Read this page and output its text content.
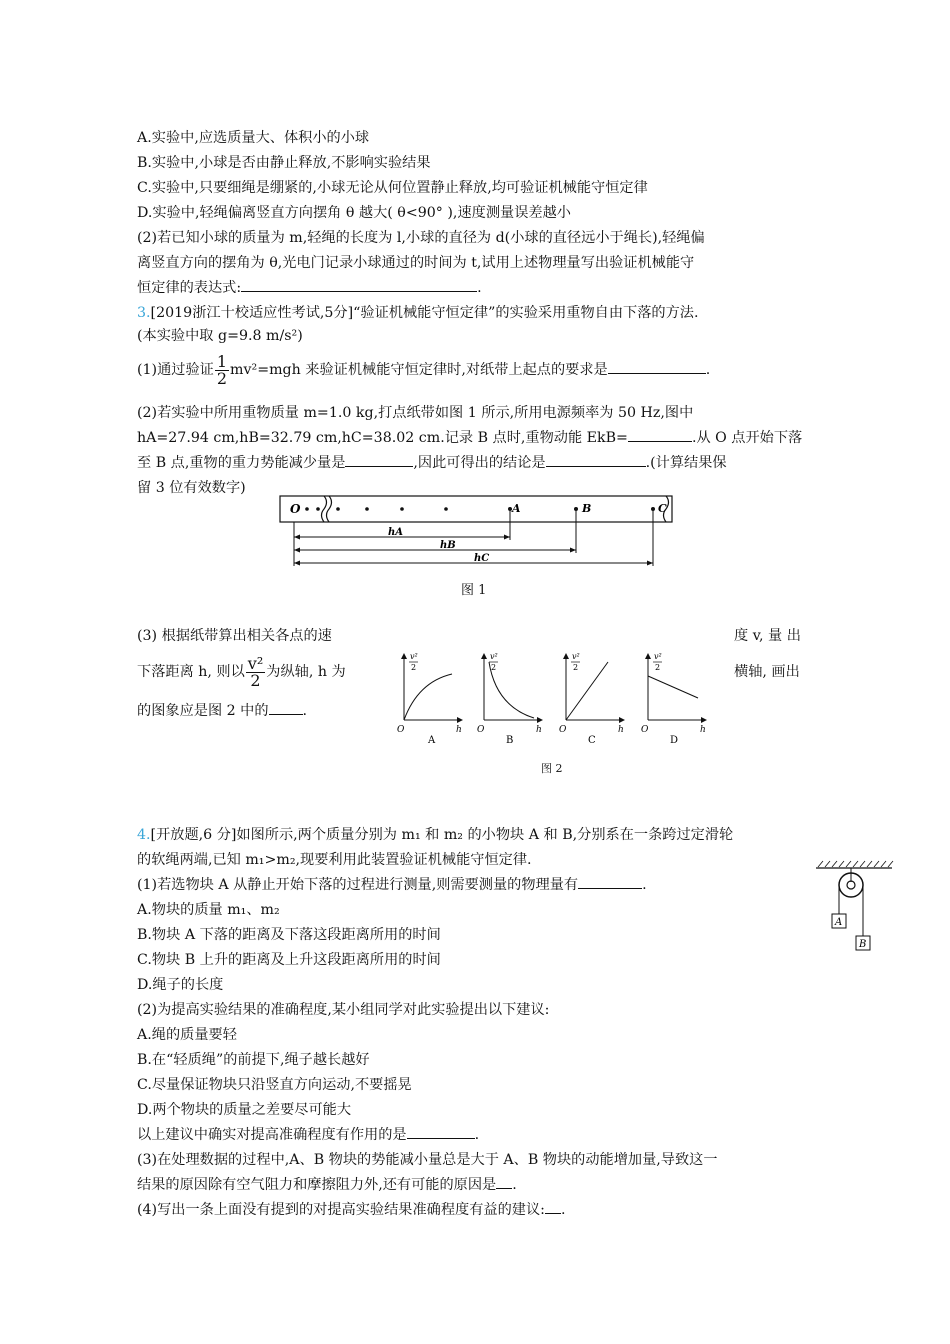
A.实验中,应选质量大、体积小的小球
B.实验中,小球是否由静止释放,不影响实验结果
C.实验中,只要细绳是绷紧的,小球无论从何位置静止释放,均可验证机械能守恒定律
D.实验中,轻绳偏离竖直方向摆角 θ 越大( θ<90° ),速度测量误差越小
(2)若已知小球的质量为 m,轻绳的长度为 l,小球的直径为 d(小球的直径远小于绳长),轻绳偏
离竖直方向的摆角为 θ,光电门记录小球通过的时间为 t,试用上述物理量写出验证机械能守
恒定律的表达式:	.
3.[2019浙江十校适应性考试,5分]“验证机械能守恒定律”的实验采用重物自由下落的方法.
(本实验中取 g=9.8 m/s²)
(1)通过验证 $\frac{1}{2} mv^2=mgh$ 来验证机械能守恒定律时,对纸带上起点的要求是	.
(2)若实验中所用重物质量 m=1.0 kg,打点纸带如图 1 所示,所用电源频率为 50 Hz,图中
hA=27.94 cm,hB=32.79 cm,hC=38.02 cm.记录 B 点时,重物动能 EkB=	.从 O 点开始下落
至 B 点,重物的重力势能减少量是	,因此可得出的结论是	.(计算结果保
留 3 位有效数字)
O	A	B	C
hA
hB
hC
图 1
(3) 根据纸带算出相关各点的速	度 v, 量 出
下落距离 h, 则以 $\frac{\text{v²}}{2}$ 为纵轴, h 为	横轴, 画出
的图象应是图 2 中的 .
v²
2
O	h
A
v²
2
O	h
B
v²
2
O	h
C
v²
2
O	h
D
图 2
4.[开放题,6 分]如图所示,两个质量分别为 m₁ 和 m₂ 的小物块 A 和 B,分别系在一条跨过定滑轮
的软绳两端,已知 m₁>m₂,现要利用此装置验证机械能守恒定律.
(1)若选物块 A 从静止开始下落的过程进行测量,则需要测量的物理量有	.
A.物块的质量 m₁、m₂
B.物块 A 下落的距离及下落这段距离所用的时间
C.物块 B 上升的距离及上升这段距离所用的时间
D.绳子的长度
(2)为提高实验结果的准确程度,某小组同学对此实验提出以下建议:
A.绳的质量要轻
B.在“轻质绳”的前提下,绳子越长越好
C.尽量保证物块只沿竖直方向运动,不要摇晃
D.两个物块的质量之差要尽可能大
以上建议中确实对提高准确程度有作用的是	.
(3)在处理数据的过程中,A、B 物块的势能减小量总是大于 A、B 物块的动能增加量,导致这一
结果的原因除有空气阻力和摩擦阻力外,还有可能的原因是 .
(4)写出一条上面没有提到的对提高实验结果准确程度有益的建议: .
A
B
